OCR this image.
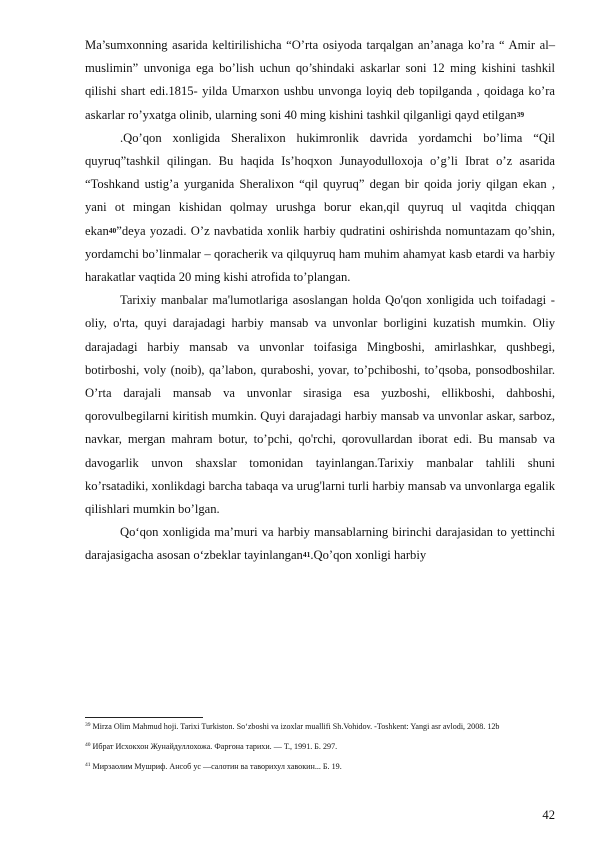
Ma’sumxonning asarida keltirilishicha “O’rta osiyoda tarqalgan an’anaga ko’ra “ Amir al–muslimin” unvoniga ega bo’lish uchun qo’shindaki askarlar soni 12 ming kishini tashkil qilishi shart edi.1815- yilda Umarxon ushbu unvonga loyiq deb topilganda , qoidaga ko’ra askarlar ro’yxatga olinib, ularning soni 40 ming kishini tashkil qilganligi qayd etilgan$^{39}$

.Qo’qon xonligida Sheralixon hukimronlik davrida yordamchi bo’lima “Qil quyruq”tashkil qilingan. Bu haqida Is’hoqxon Junayodulloxoja o’g’li Ibrat o’z asarida “Toshkand ustig’a yurganida Sheralixon “qil quyruq” degan bir qoida joriy qilgan ekan , yani ot mingan kishidan qolmay urushga borur ekan,qil quyruq ul vaqitda chiqqan ekan$^{40}$”deya yozadi. O’z navbatida xonlik harbiy qudratini oshirishda nomuntazam qo’shin, yordamchi bo’linmalar – qoracherik va qilquyruq ham muhim ahamyat kasb etardi va harbiy harakatlar vaqtida 20 ming kishi atrofida to’plangan.

Tarixiy manbalar ma'lumotlariga asoslangan holda Qo'qon xonligida uch toifadagi - oliy, o'rta, quyi darajadagi harbiy mansab va unvonlar borligini kuzatish mumkin. Oliy darajadagi harbiy mansab va unvonlar toifasiga Mingboshi, amirlashkar, qushbegi, botirboshi, voly (noib), qa’labon, quraboshi, yovar, to’pchiboshi, to’qsoba, ponsodboshilar. O’rta darajali mansab va unvonlar sirasiga esa yuzboshi, ellikboshi, dahboshi, qorovulbegilarni kiritish mumkin. Quyi darajadagi harbiy mansab va unvonlar askar, sarboz, navkar, mergan mahram botur, to’pchi, qo'rchi, qorovullardan iborat edi. Bu mansab va davogarlik unvon shaxslar tomonidan tayinlangan.Tarixiy manbalar tahlili shuni ko’rsatadiki, xonlikdagi barcha tabaqa va urug'larni turli harbiy mansab va unvonlarga egalik qilishlari mumkin bo’lgan.

Qo‘qon xonligida ma’muri va harbiy mansablarning birinchi darajasidan to yettinchi darajasigacha asosan o‘zbeklar tayinlangan$^{41}$.Qo’qon xonligi harbiy

$^{39}$ Mirza Olim Mahmud hoji. Tarixi Turkiston. So‘zboshi va izoxlar muallifi Sh.Vohidov. -Toshkent: Yangi asr avlodi, 2008. 12b

$^{40}$ Ибрат Исхокхон Жунайдуллохожа. Фарғона тарихи. — Т., 1991. Б. 297.

$^{41}$ Мирзаолим Мушриф. Ансоб ус —салотин ва таворихул хавокин... Б. 19.

42
